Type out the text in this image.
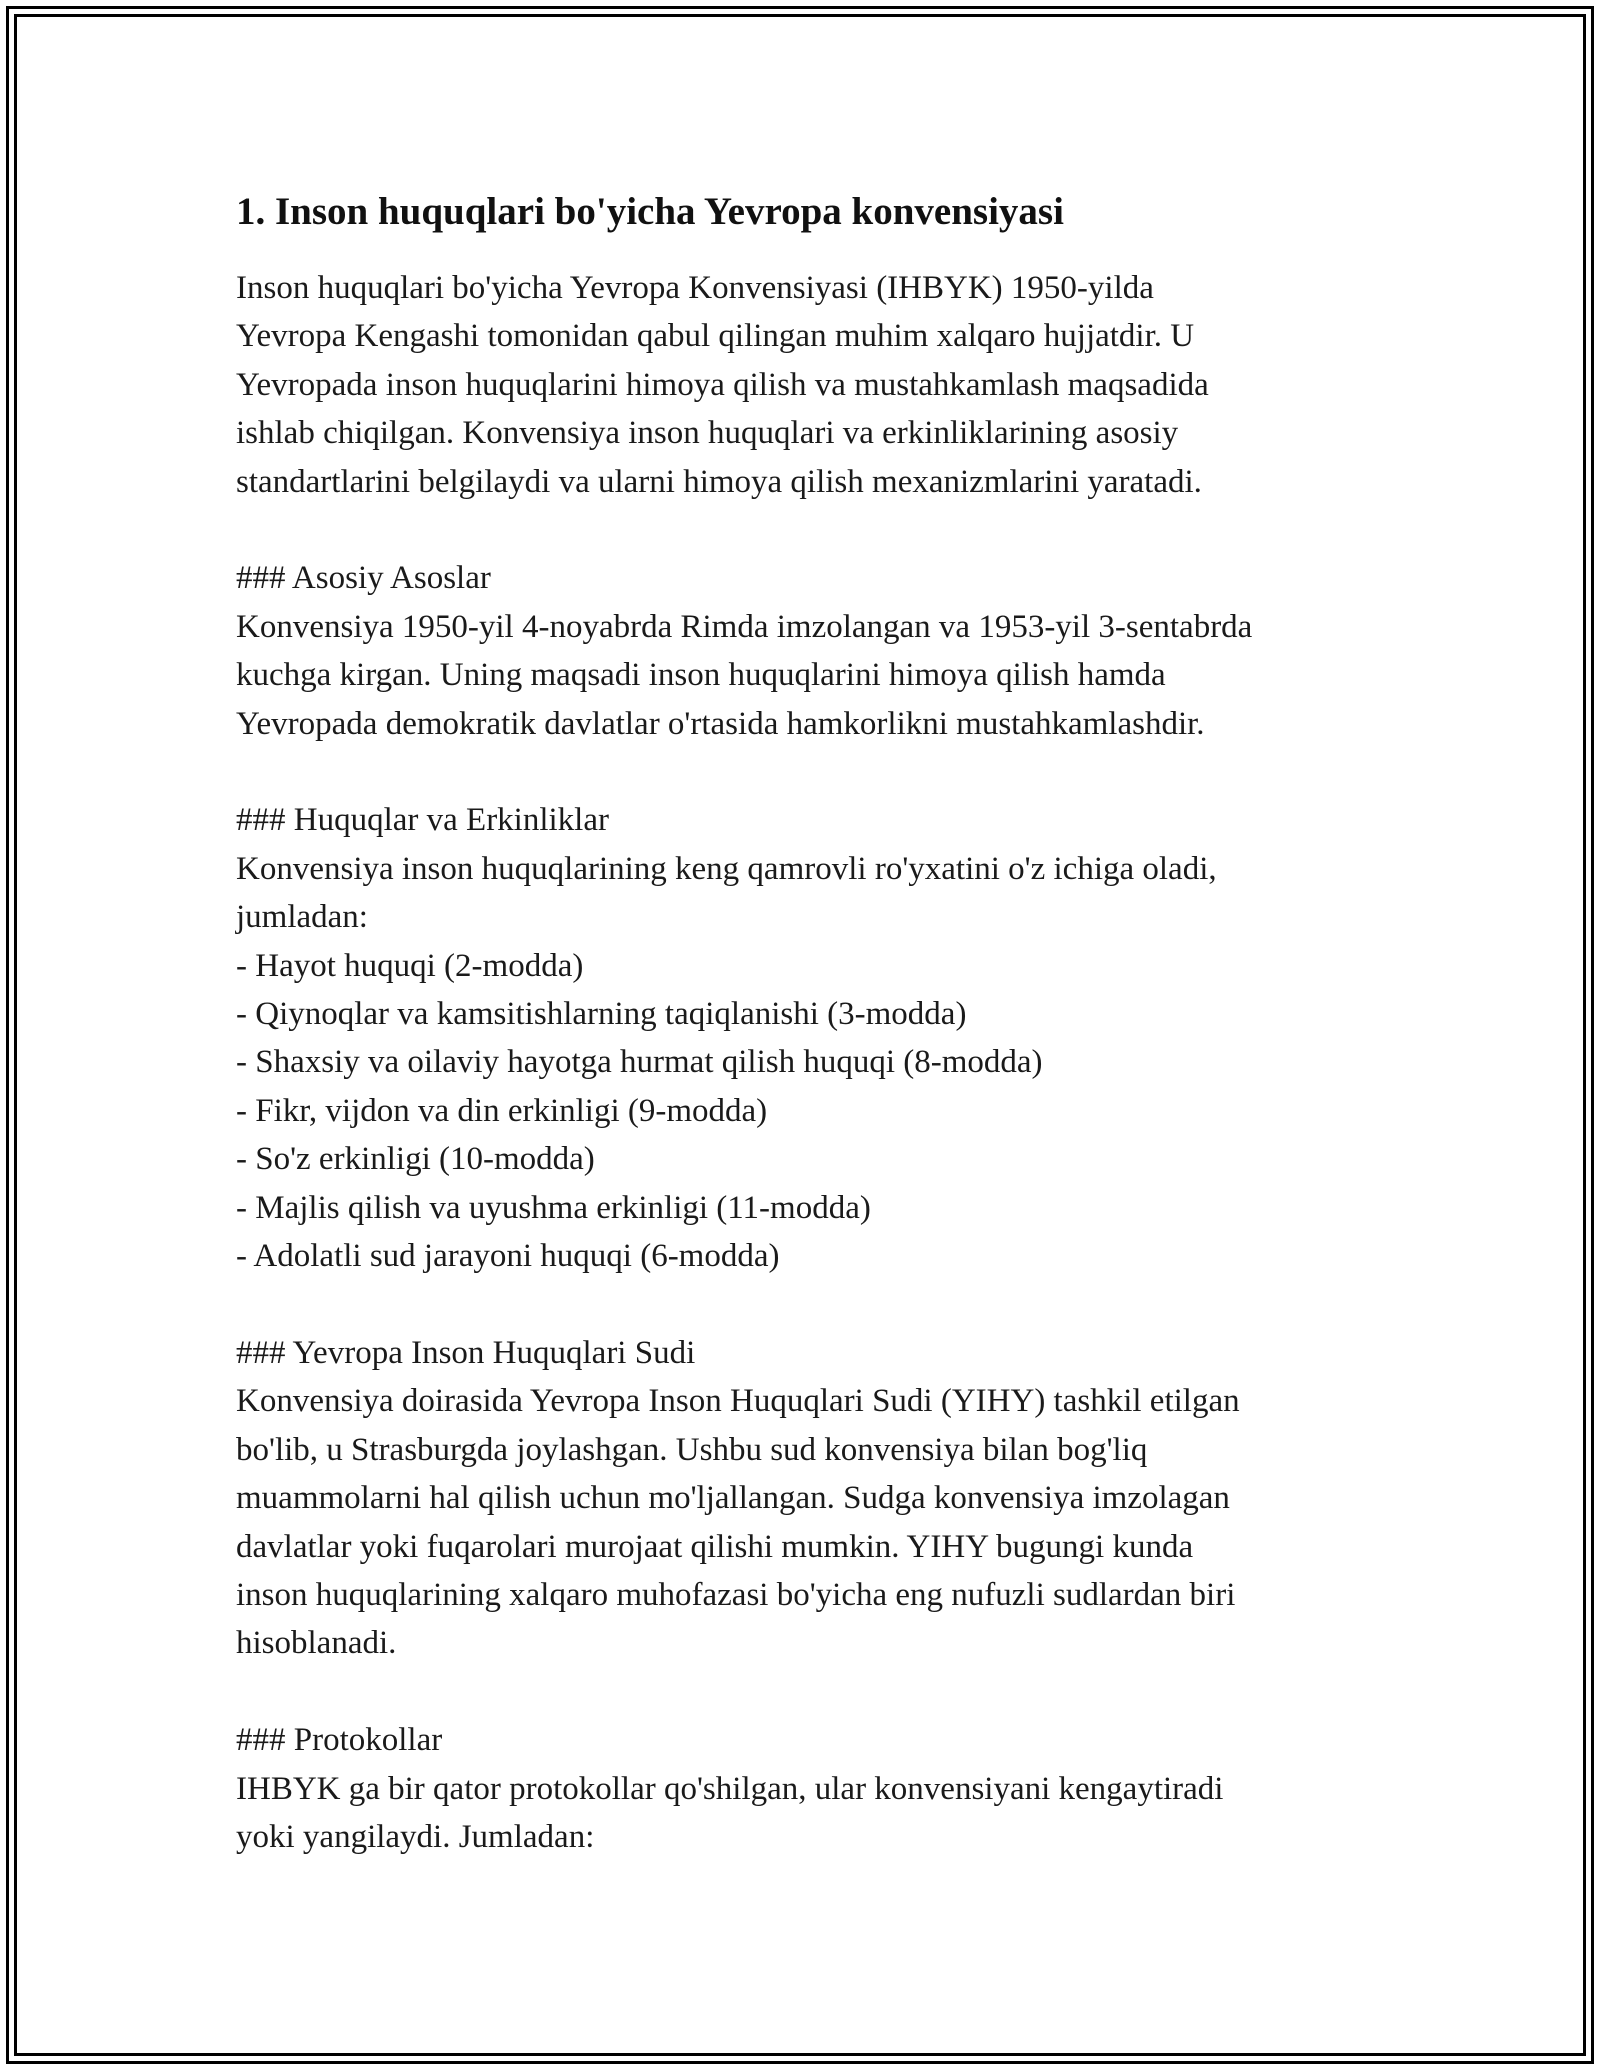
1. Inson huquqlari bo'yicha Yevropa konvensiyasi
Inson huquqlari bo'yicha Yevropa Konvensiyasi (IHBYK) 1950-yilda
Yevropa Kengashi tomonidan qabul qilingan muhim xalqaro hujjatdir. U
Yevropada inson huquqlarini himoya qilish va mustahkamlash maqsadida
ishlab chiqilgan. Konvensiya inson huquqlari va erkinliklarining asosiy
standartlarini belgilaydi va ularni himoya qilish mexanizmlarini yaratadi.
### Asosiy Asoslar
Konvensiya 1950-yil 4-noyabrda Rimda imzolangan va 1953-yil 3-sentabrda
kuchga kirgan. Uning maqsadi inson huquqlarini himoya qilish hamda
Yevropada demokratik davlatlar o'rtasida hamkorlikni mustahkamlashdir.
### Huquqlar va Erkinliklar
Konvensiya inson huquqlarining keng qamrovli ro'yxatini o'z ichiga oladi,
jumladan:
- Hayot huquqi (2-modda)
- Qiynoqlar va kamsitishlarning taqiqlanishi (3-modda)
- Shaxsiy va oilaviy hayotga hurmat qilish huquqi (8-modda)
- Fikr, vijdon va din erkinligi (9-modda)
- So'z erkinligi (10-modda)
- Majlis qilish va uyushma erkinligi (11-modda)
- Adolatli sud jarayoni huquqi (6-modda)
### Yevropa Inson Huquqlari Sudi
Konvensiya doirasida Yevropa Inson Huquqlari Sudi (YIHY) tashkil etilgan
bo'lib, u Strasburgda joylashgan. Ushbu sud konvensiya bilan bog'liq
muammolarni hal qilish uchun mo'ljallangan. Sudga konvensiya imzolagan
davlatlar yoki fuqarolari murojaat qilishi mumkin. YIHY bugungi kunda
inson huquqlarining xalqaro muhofazasi bo'yicha eng nufuzli sudlardan biri
hisoblanadi.
### Protokollar
IHBYK ga bir qator protokollar qo'shilgan, ular konvensiyani kengaytiradi
yoki yangilaydi. Jumladan:
